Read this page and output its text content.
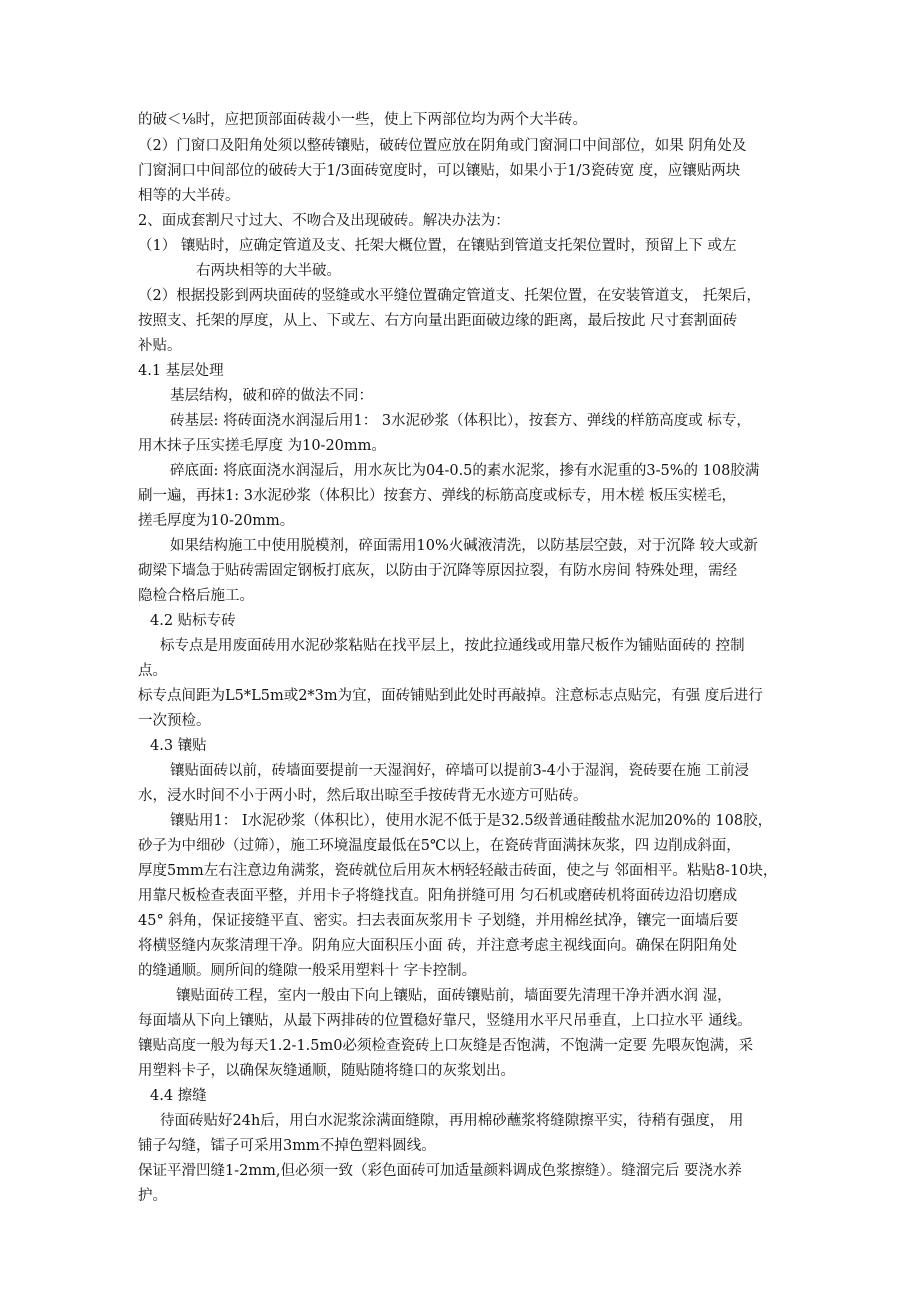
的破＜⅛时，应把顶部面砖裁小一些，使上下两部位均为两个大半砖。
（2）门窗口及阳角处须以整砖镶贴，破砖位置应放在阴角或门窗洞口中间部位，如果 阴角处及
门窗洞口中间部位的破砖大于1/3面砖宽度时，可以镶贴，如果小于1/3瓷砖宽 度，应镶贴两块
相等的大半砖。
2、面成套割尺寸过大、不吻合及出现破砖。解决办法为：
（1） 镶贴时，应确定管道及支、托架大概位置，在镶贴到管道支托架位置时，预留上下 或左
右两块相等的大半破。
（2）根据投影到两块面砖的竖缝或水平缝位置确定管道支、托架位置，在安装管道支， 托架后，
按照支、托架的厚度，从上、下或左、右方向量出距面破边缘的距离，最后按此 尺寸套割面砖
补贴。
4.1 基层处理
基层结构，破和碎的做法不同：
砖基层: 将砖面浇水润湿后用1： 3水泥砂浆（体积比），按套方、弹线的样筋高度或 标专，
用木抹子压实搓毛厚度 为10-20mm。
碎底面: 将底面浇水润湿后，用水灰比为04-0.5的素水泥浆，掺有水泥重的3-5%的 108胶满
刷一遍，再抹1: 3水泥砂浆（体积比）按套方、弹线的标筋高度或标专，用木槎 板压实槎毛，
搓毛厚度为10-20mm。
如果结构施工中使用脱模剂，碎面需用10%火碱液清洗，以防基层空鼓，对于沉降 较大或新
砌梁下墙急于贴砖需固定钢板打底灰，以防由于沉降等原因拉裂，有防水房间 特殊处理，需经
隐检合格后施工。
4.2 贴标专砖
标专点是用废面砖用水泥砂浆粘贴在找平层上，按此拉通线或用靠尺板作为铺贴面砖的 控制
点。
标专点间距为L5*L5m或2*3m为宜，面砖铺贴到此处时再敲掉。注意标志点贴完，有强 度后进行
一次预检。
4.3 镶贴
镶贴面砖以前，砖墙面要提前一天湿润好，碎墙可以提前3-4小于湿润，瓷砖要在施 工前浸
水，浸水时间不小于两小时，然后取出晾至手按砖背无水迹方可贴砖。
镶贴用1： I水泥砂浆（体积比），使用水泥不低于是32.5级普通硅酸盐水泥加20%的 108胶，
砂子为中细砂（过筛），施工环境温度最低在5℃以上，在瓷砖背面满抹灰浆，四 边削成斜面，
厚度5mm左右注意边角满浆，瓷砖就位后用灰木柄轻轻敲击砖面，使之与 邻面相平。粘贴8-10块，
用靠尺板检查表面平整，并用卡子将缝找直。阳角拼缝可用 匀石机或磨砖机将面砖边沿切磨成
45° 斜角，保证接缝平直、密实。扫去表面灰浆用卡 子划缝，并用棉丝拭净，镶完一面墙后要
将横竖缝内灰浆清理干净。阴角应大面积压小面 砖，并注意考虑主视线面向。确保在阴阳角处
的缝通顺。厕所间的缝隙一般采用塑料十 字卡控制。
镶贴面砖工程，室内一般由下向上镶贴，面砖镶贴前，墙面要先清理干净并洒水润 湿，
每面墙从下向上镶贴，从最下两排砖的位置稳好靠尺，竖缝用水平尺吊垂直，上口拉水平 通线。
镶贴高度一般为每天1.2-1.5m0必须检查瓷砖上口灰缝是否饱满，不饱满一定要 先喂灰饱满，采
用塑料卡子，以确保灰缝通顺，随贴随将缝口的灰浆划出。
4.4 擦缝
待面砖贴好24h后，用白水泥浆涂满面缝隙，再用棉砂蘸浆将缝隙擦平实，待稍有强度， 用
铺子勾缝，镭子可采用3mm不掉色塑料圆线。
保证平滑凹缝1-2mm,但必须一致（彩色面砖可加适量颜料调成色浆擦缝）。缝溜完后 要浇水养
护。
